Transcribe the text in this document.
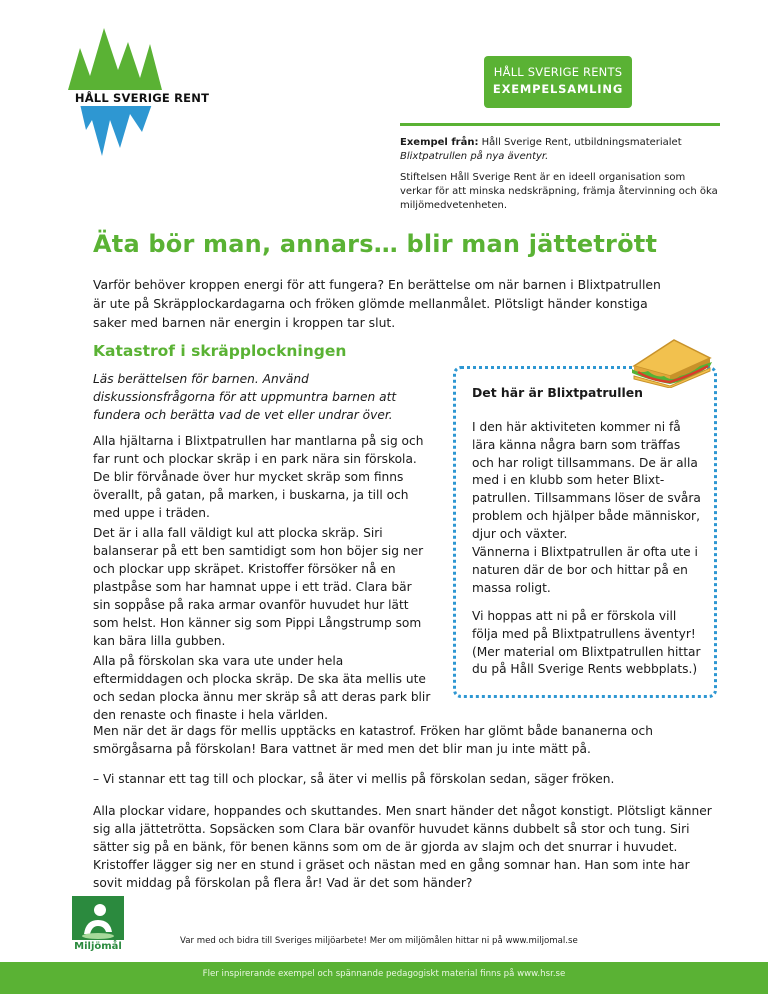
HÅLL SVERIGE RENT
HÅLL SVERIGE RENTS
EXEMPELSAMLING
Exempel från: Håll Sverige Rent, utbildningsmaterialet
Blixtpatrullen på nya äventyr.
Stiftelsen Håll Sverige Rent är en ideell organisation som verkar för att minska nedskräpning, främja återvinning och öka miljömedvetenheten.
Äta bör man, annars… blir man jättetrött
Varför behöver kroppen energi för att fungera? En berättelse om när barnen i Blixtpatrullen är ute på Skräpplockardagarna och fröken glömde mellanmålet. Plötsligt händer konstiga saker med barnen när energin i kroppen tar slut.
Katastrof i skräpplockningen
Läs berättelsen för barnen. Använd diskussionsfrågorna för att uppmuntra barnen att fundera och berätta vad de vet eller undrar över.
Alla hjältarna i Blixtpatrullen har mantlarna på sig och far runt och plockar skräp i en park nära sin förskola. De blir förvånade över hur mycket skräp som finns överallt, på gatan, på marken, i buskarna, ja till och med uppe i träden.
Det är i alla fall väldigt kul att plocka skräp. Siri balanserar på ett ben samtidigt som hon böjer sig ner och plockar upp skräpet. Kristoffer försöker nå en plastpåse som har hamnat uppe i ett träd. Clara bär sin soppåse på raka armar ovanför huvudet hur lätt som helst. Hon känner sig som Pippi Långstrump som kan bära lilla gubben.
Alla på förskolan ska vara ute under hela eftermiddagen och plocka skräp. De ska äta mellis ute och sedan plocka ännu mer skräp så att deras park blir den renaste och finaste i hela världen.
Det här är Blixtpatrullen
I den här aktiviteten kommer ni få lära känna några barn som träffas och har roligt tillsammans. De är alla med i en klubb som heter Blixt-patrullen. Tillsammans löser de svåra problem och hjälper både människor, djur och växter.
Vännerna i Blixtpatrullen är ofta ute i naturen där de bor och hittar på en massa roligt.
Vi hoppas att ni på er förskola vill följa med på Blixtpatrullens äventyr! (Mer material om Blixtpatrullen hittar du på Håll Sverige Rents webbplats.)
Men när det är dags för mellis upptäcks en katastrof. Fröken har glömt både bananerna och smörgåsarna på förskolan! Bara vattnet är med men det blir man ju inte mätt på.
– Vi stannar ett tag till och plockar, så äter vi mellis på förskolan sedan, säger fröken.
Alla plockar vidare, hoppandes och skuttandes. Men snart händer det något konstigt. Plötsligt känner sig alla jättetrötta. Sopsäcken som Clara bär ovanför huvudet känns dubbelt så stor och tung. Siri sätter sig på en bänk, för benen känns som om de är gjorda av slajm och det snurrar i huvudet. Kristoffer lägger sig ner en stund i gräset och nästan med en gång somnar han. Han som inte har sovit middag på förskolan på flera år! Vad är det som händer?
Miljömål	Var med och bidra till Sveriges miljöarbete! Mer om miljömålen hittar ni på www.miljomal.se
Fler inspirerande exempel och spännande pedagogiskt material finns på www.hsr.se
